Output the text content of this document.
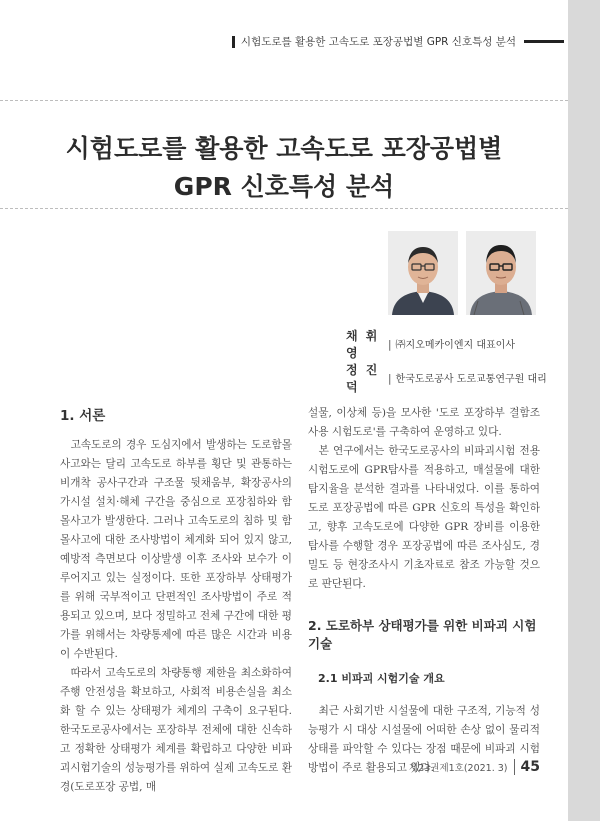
시험도로를 활용한 고속도로 포장공법별 GPR 신호특성 분석
시험도로를 활용한 고속도로 포장공법별
GPR 신호특성 분석
채 휘 영
| ㈜지오메카이엔지 대표이사
정 진 덕
| 한국도로공사 도로교통연구원 대리
1. 서론

고속도로의 경우 도심지에서 발생하는 도로함몰 사고와는 달리 고속도로 하부를 횡단 및 관통하는 비개착 공사구간과 구조물 뒷채움부, 확장공사의 가시설 설치·해체 구간을 중심으로 포장침하와 함몰사고가 발생한다. 그러나 고속도로의 침하 및 함몰사고에 대한 조사방법이 체계화 되어 있지 않고, 예방적 측면보다 이상발생 이후 조사와 보수가 이루어지고 있는 실정이다. 또한 포장하부 상태평가를 위해 국부적이고 단편적인 조사방법이 주로 적용되고 있으며, 보다 정밀하고 전체 구간에 대한 평가를 위해서는 차량통제에 따른 많은 시간과 비용이 수반된다.

따라서 고속도로의 차량통행 제한을 최소화하여 주행 안전성을 확보하고, 사회적 비용손실을 최소화 할 수 있는 상태평가 체계의 구축이 요구된다. 한국도로공사에서는 포장하부 전체에 대한 신속하고 정확한 상태평가 체계를 확립하고 다양한 비파괴시험기술의 성능평가를 위하여 실제 고속도로 환경(도로포장 공법, 매

설물, 이상체 등)을 모사한 '도로 포장하부 결함조사용 시험도로'를 구축하여 운영하고 있다.

본 연구에서는 한국도로공사의 비파괴시험 전용 시험도로에 GPR탐사를 적용하고, 매설물에 대한 탐지율을 분석한 결과를 나타내었다. 이를 통하여 도로 포장공법에 따른 GPR 신호의 특성을 확인하고, 향후 고속도로에 다양한 GPR 장비를 이용한 탐사를 수행할 경우 포장공법에 따른 조사심도, 경밀도 등 현장조사시 기초자료로 참조 가능할 것으로 판단된다.

2. 도로하부 상태평가를 위한 비파괴 시험기술
2.1 비파괴 시험기술 개요

최근 사회기반 시설물에 대한 구조적, 기능적 성능평가 시 대상 시설물에 어떠한 손상 없이 물리적 상태를 파악할 수 있다는 장점 때문에 비파괴 시험방법이 주로 활용되고 있다.

제23권제1호(2021. 3) 45
